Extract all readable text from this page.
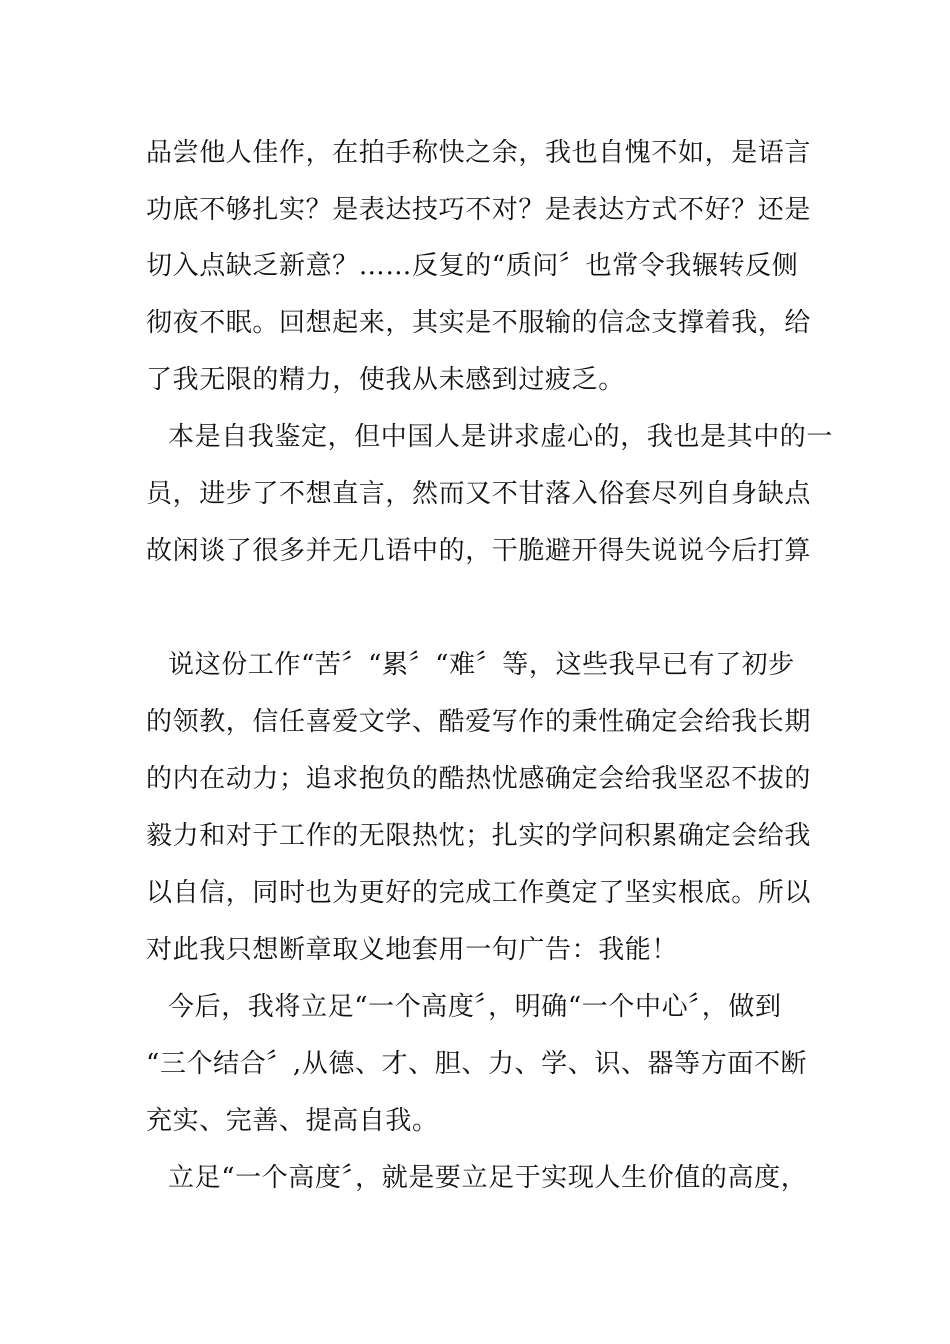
品尝他人佳作，在拍手称快之余，我也自愧不如，是语言
功底不够扎实？是表达技巧不对？是表达方式不好？还是
切入点缺乏新意？……反复的“质问〞也常令我辗转反侧
彻夜不眠。回想起来，其实是不服输的信念支撑着我，给
了我无限的精力，使我从未感到过疲乏。
本是自我鉴定，但中国人是讲求虚心的，我也是其中的一
员，进步了不想直言，然而又不甘落入俗套尽列自身缺点
故闲谈了很多并无几语中的，干脆避开得失说说今后打算
说这份工作“苦〞“累〞“难〞等，这些我早已有了初步
的领教，信任喜爱文学、酷爱写作的秉性确定会给我长期
的内在动力；追求抱负的酷热忧感确定会给我坚忍不拔的
毅力和对于工作的无限热忱；扎实的学问积累确定会给我
以自信，同时也为更好的完成工作奠定了坚实根底。所以
对此我只想断章取义地套用一句广告：我能！
今后，我将立足“一个高度〞，明确“一个中心〞，做到
“三个结合〞,从德、才、胆、力、学、识、器等方面不断
充实、完善、提高自我。
立足“一个高度〞，就是要立足于实现人生价值的高度，
